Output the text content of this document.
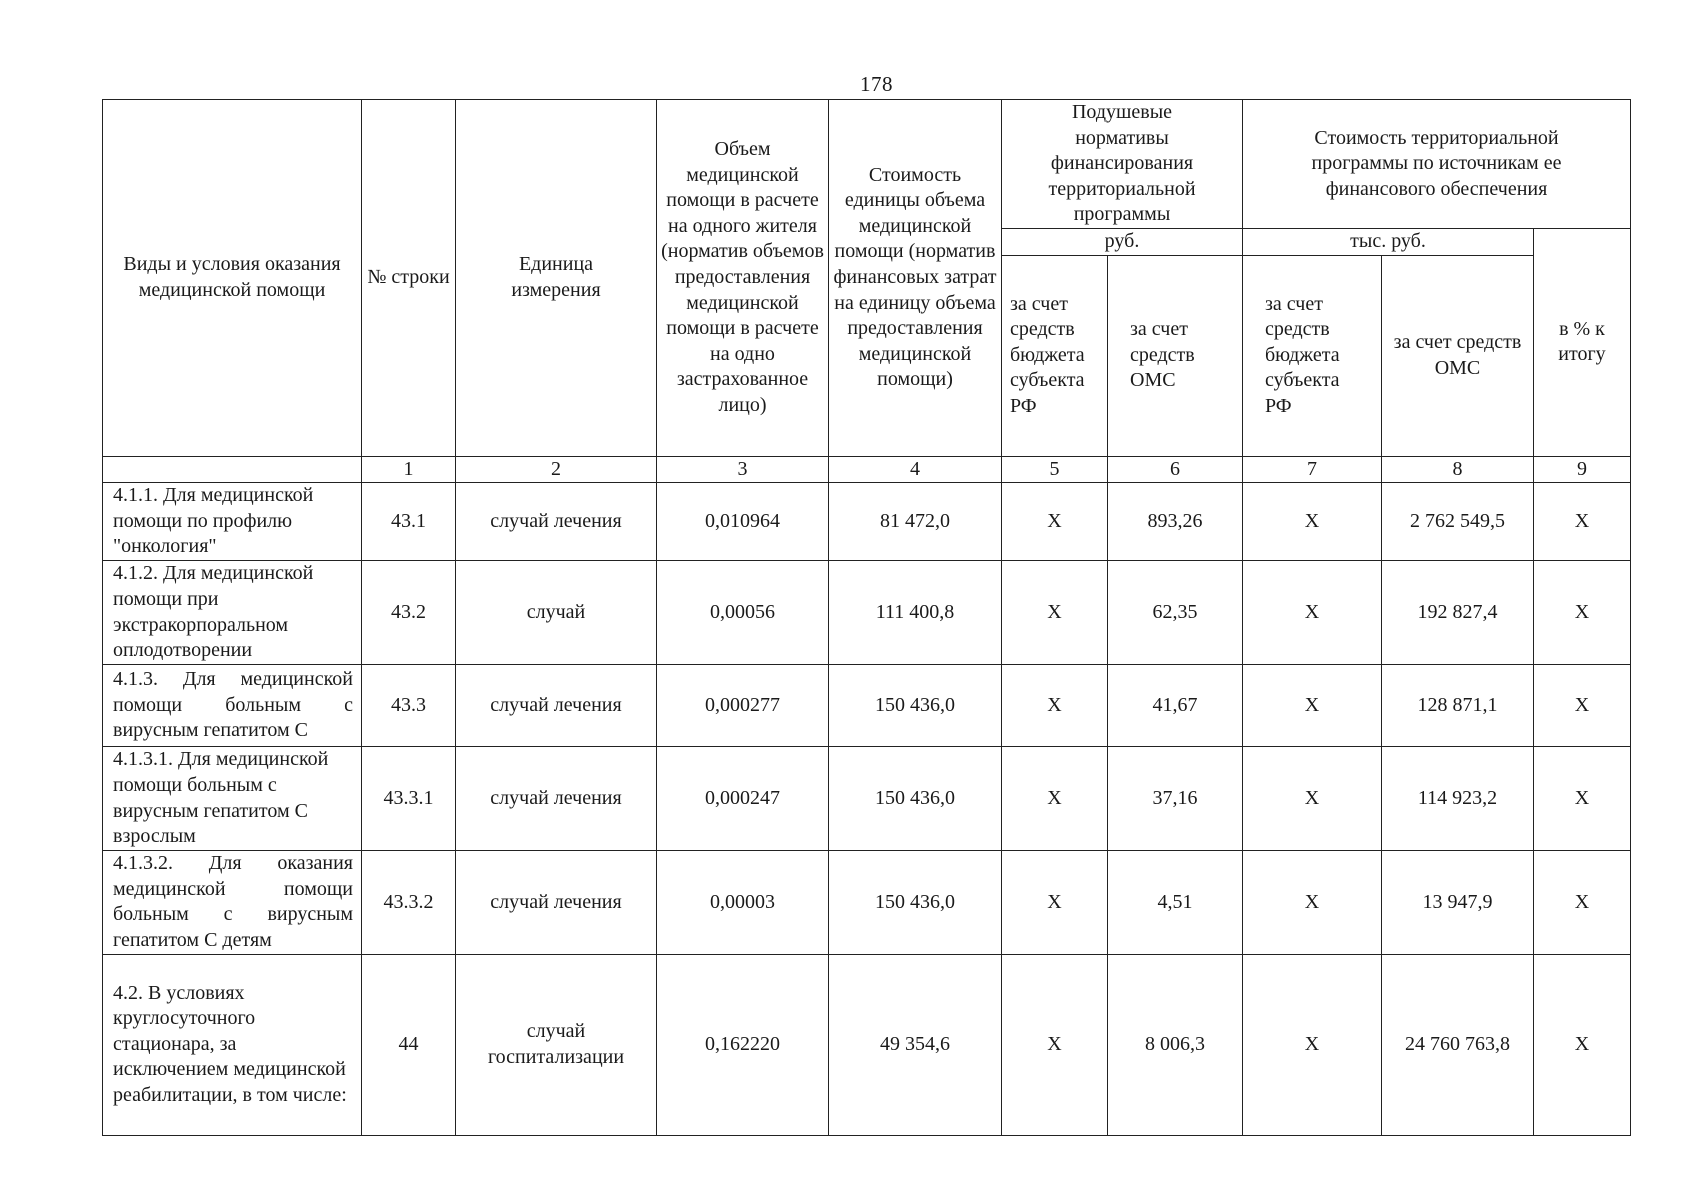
178
Виды и условия оказания медицинской помощи	№ строки	Единица измерения	Объем медицинской помощи в расчете на одного жителя (норматив объемов предоставления медицинской помощи в расчете на одно застрахованное лицо)	Стоимость единицы объема медицинской помощи (норматив финансовых затрат на единицу объема предоставления медицинской помощи)	Подушевые нормативы финансирования территориальной программы		Стоимость территориальной программы по источникам ее финансового обеспечения		
					руб.		тыс. руб.		в % к итогу
					за счет средств бюджета субъекта РФ	за счет средств ОМС	за счет средств бюджета субъекта РФ	за счет средств ОМС	
	1	2	3	4	5	6	7	8	9
4.1.1. Для медицинской помощи по профилю "онкология"	43.1	случай лечения	0,010964	81 472,0	Х	893,26	Х	2 762 549,5	Х
4.1.2. Для медицинской помощи при экстракорпоральном оплодотворении	43.2	случай	0,00056	111 400,8	Х	62,35	Х	192 827,4	Х
4.1.3. Для медицинской помощи больным с вирусным гепатитом С	43.3	случай лечения	0,000277	150 436,0	Х	41,67	Х	128 871,1	Х
4.1.3.1. Для медицинской помощи больным с вирусным гепатитом С взрослым	43.3.1	случай лечения	0,000247	150 436,0	Х	37,16	Х	114 923,2	Х
4.1.3.2. Для оказания медицинской помощи больным с вирусным гепатитом С детям	43.3.2	случай лечения	0,00003	150 436,0	Х	4,51	Х	13 947,9	Х
4.2. В условиях круглосуточного стационара, за исключением медицинской реабилитации, в том числе:	44	случай госпитализации	0,162220	49 354,6	Х	8 006,3	Х	24 760 763,8	Х
